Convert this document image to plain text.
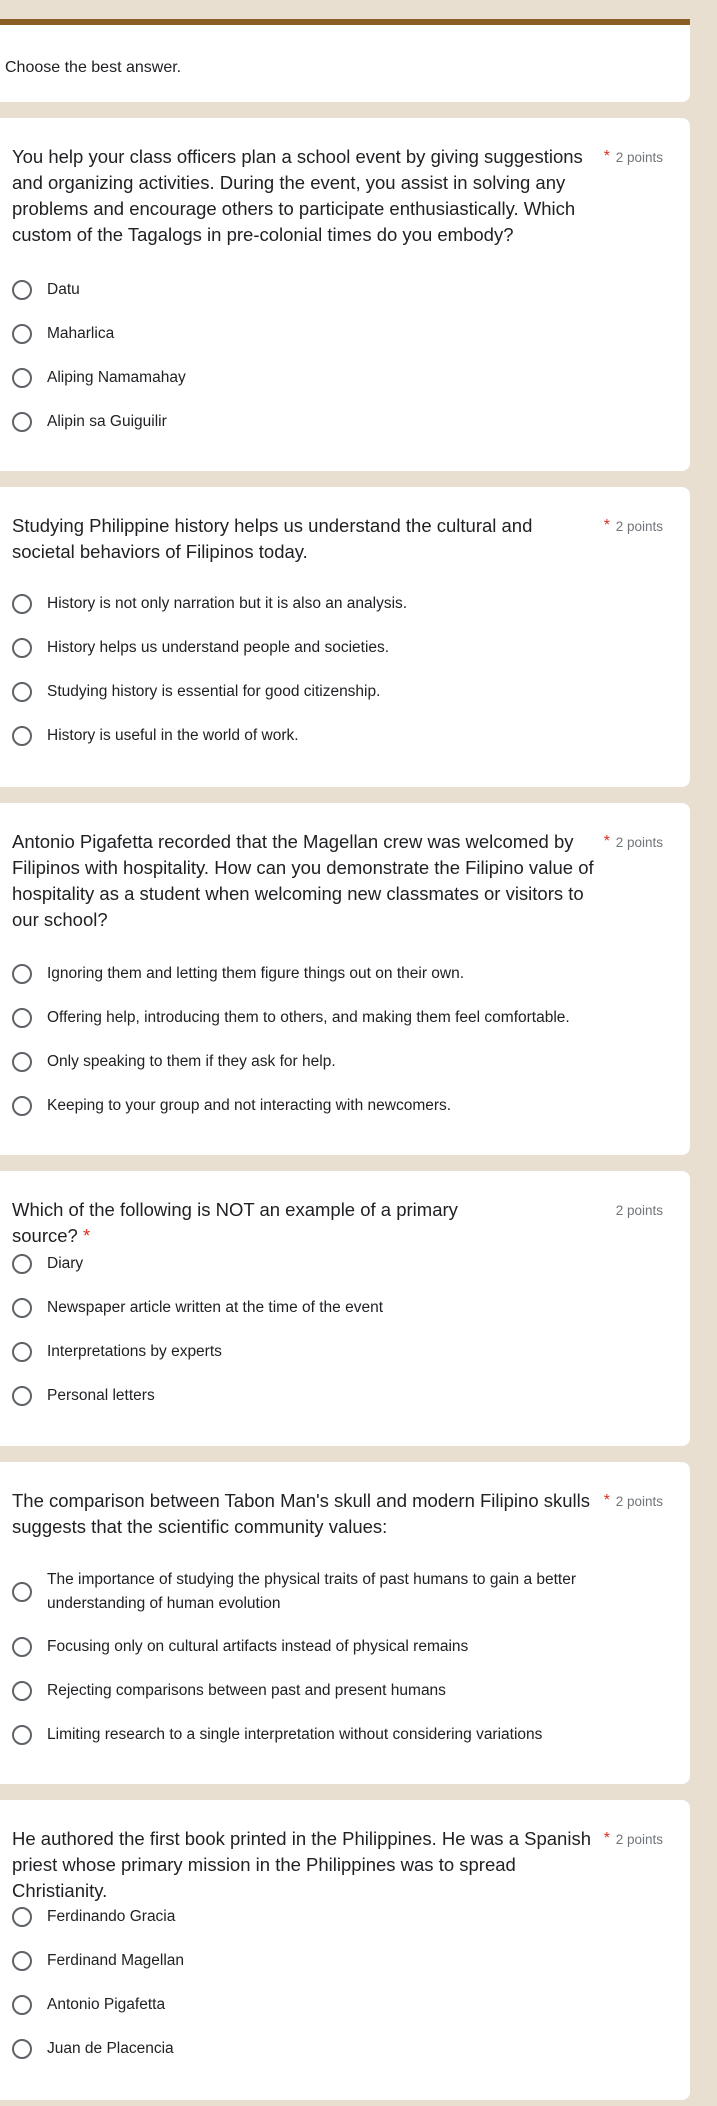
Choose the best answer.
You help your class officers plan a school event by giving suggestions and organizing activities. During the event, you assist in solving any problems and encourage others to participate enthusiastically. Which custom of the Tagalogs in pre-colonial times do you embody?
* 2 points
Datu
Maharlica
Aliping Namamahay
Alipin sa Guiguilir
Studying Philippine history helps us understand the cultural and societal behaviors of Filipinos today.
* 2 points
History is not only narration but it is also an analysis.
History helps us understand people and societies.
Studying history is essential for good citizenship.
History is useful in the world of work.
Antonio Pigafetta recorded that the Magellan crew was welcomed by Filipinos with hospitality. How can you demonstrate the Filipino value of hospitality as a student when welcoming new classmates or visitors to our school?
* 2 points
Ignoring them and letting them figure things out on their own.
Offering help, introducing them to others, and making them feel comfortable.
Only speaking to them if they ask for help.
Keeping to your group and not interacting with newcomers.
Which of the following is NOT an example of a primary source? *
2 points
Diary
Newspaper article written at the time of the event
Interpretations by experts
Personal letters
The comparison between Tabon Man's skull and modern Filipino skulls suggests that the scientific community values:
* 2 points
The importance of studying the physical traits of past humans to gain a better understanding of human evolution
Focusing only on cultural artifacts instead of physical remains
Rejecting comparisons between past and present humans
Limiting research to a single interpretation without considering variations
He authored the first book printed in the Philippines. He was a Spanish priest whose primary mission in the Philippines was to spread Christianity.
* 2 points
Ferdinando Gracia
Ferdinand Magellan
Antonio Pigafetta
Juan de Placencia
